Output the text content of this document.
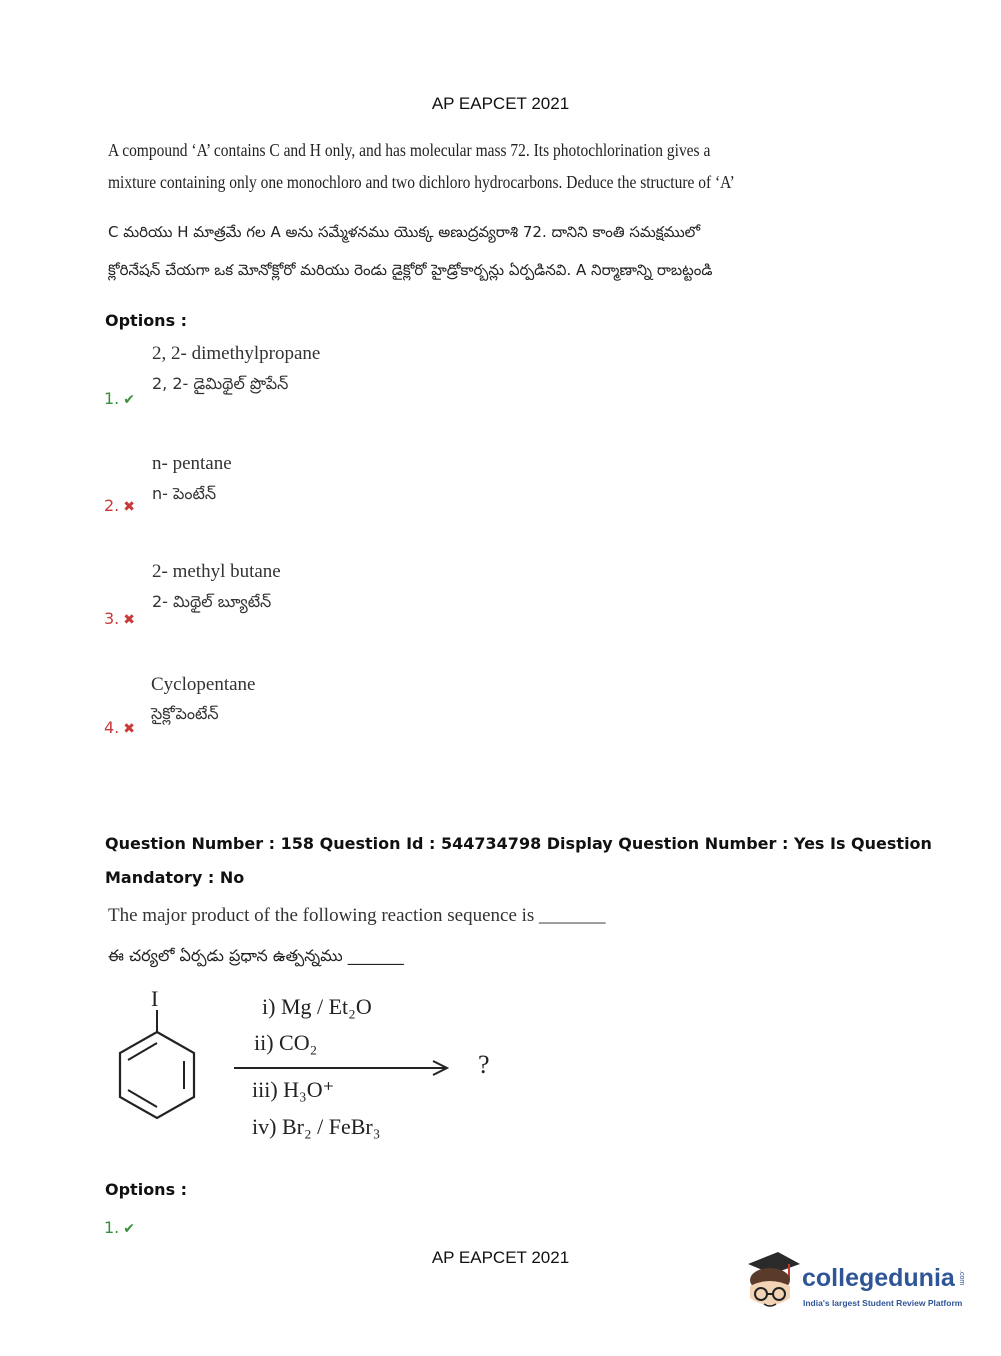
AP EAPCET 2021
A compound ‘A’ contains C and H only, and has molecular mass 72. Its photochlorination gives a
mixture containing only one monochloro and two dichloro hydrocarbons. Deduce the structure of ‘A’
C మరియు H మాత్రమే గల A అను సమ్మేళనము యొక్క అణుద్రవ్యరాశి 72. దానిని కాంతి సమక్షములో
క్లోరినేషన్ చేయగా ఒక మోనోక్లోరో మరియు రెండు డైక్లోరో హైడ్రోకార్బన్లు ఏర్పడినవి. A నిర్మాణాన్ని రాబట్టండి
Options :
2, 2- dimethylpropane
2, 2- డైమిథైల్ ప్రొపేన్
1. ✔
n- pentane
n- పెంటేన్
2. ✖
2- methyl butane
2- మిథైల్ బ్యూటేన్
3. ✖
Cyclopentane
సైక్లోపెంటేన్
4. ✖
Question Number : 158 Question Id : 544734798 Display Question Number : Yes Is Question
Mandatory : No
The major product of the following reaction sequence is _______
ఈ చర్యలో ఏర్పడు ప్రధాన ఉత్పన్నము _______
I	i) Mg / Et₂O
ii) CO₂
iii) H₃O⁺
iv) Br₂ / FeBr₃
?
Options :
1. ✔
AP EAPCET 2021
collegedunia .com
India's largest Student Review Platform
